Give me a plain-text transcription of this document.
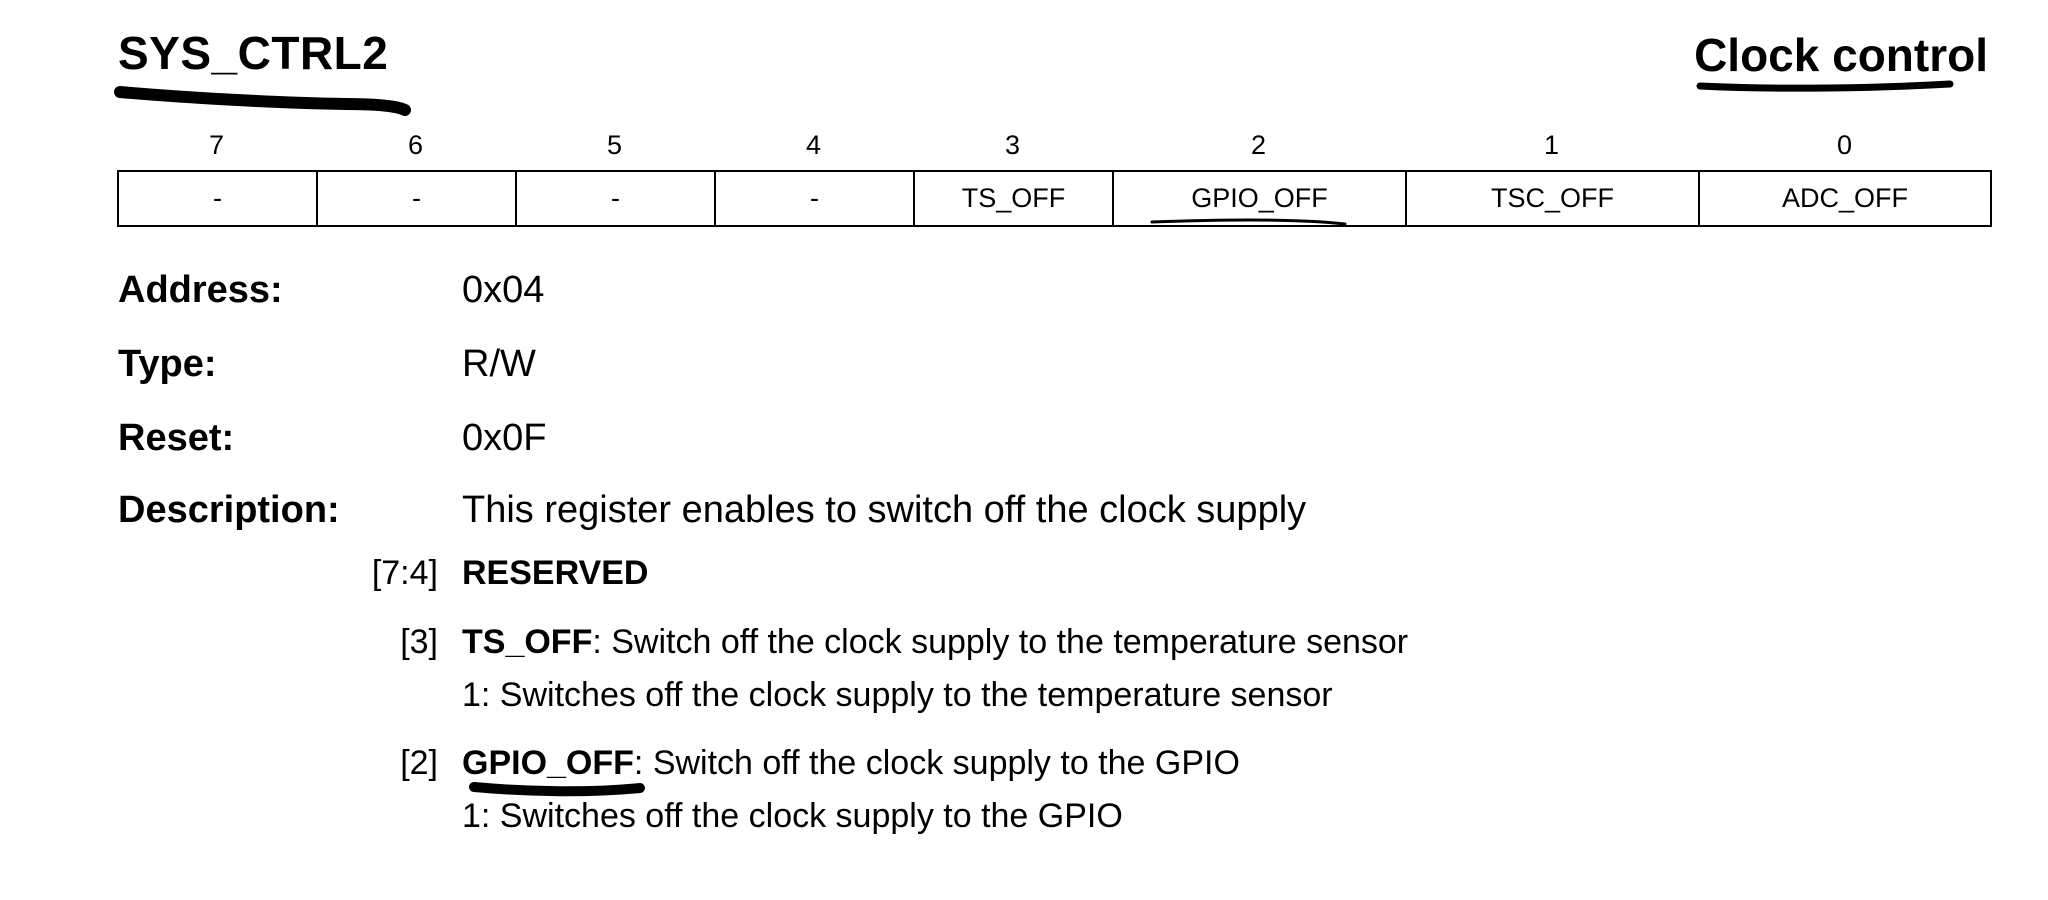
SYS_CTRL2	Clock control
7	6	5	4	3	2	1	0
-	-	-	-	TS_OFF	GPIO_OFF	TSC_OFF	ADC_OFF
Address:	0x04
Type:	R/W
Reset:	0x0F
Description:	This register enables to switch off the clock supply
[7:4] RESERVED
[3] TS_OFF: Switch off the clock supply to the temperature sensor
1: Switches off the clock supply to the temperature sensor
[2] GPIO_OFF: Switch off the clock supply to the GPIO
1: Switches off the clock supply to the GPIO
